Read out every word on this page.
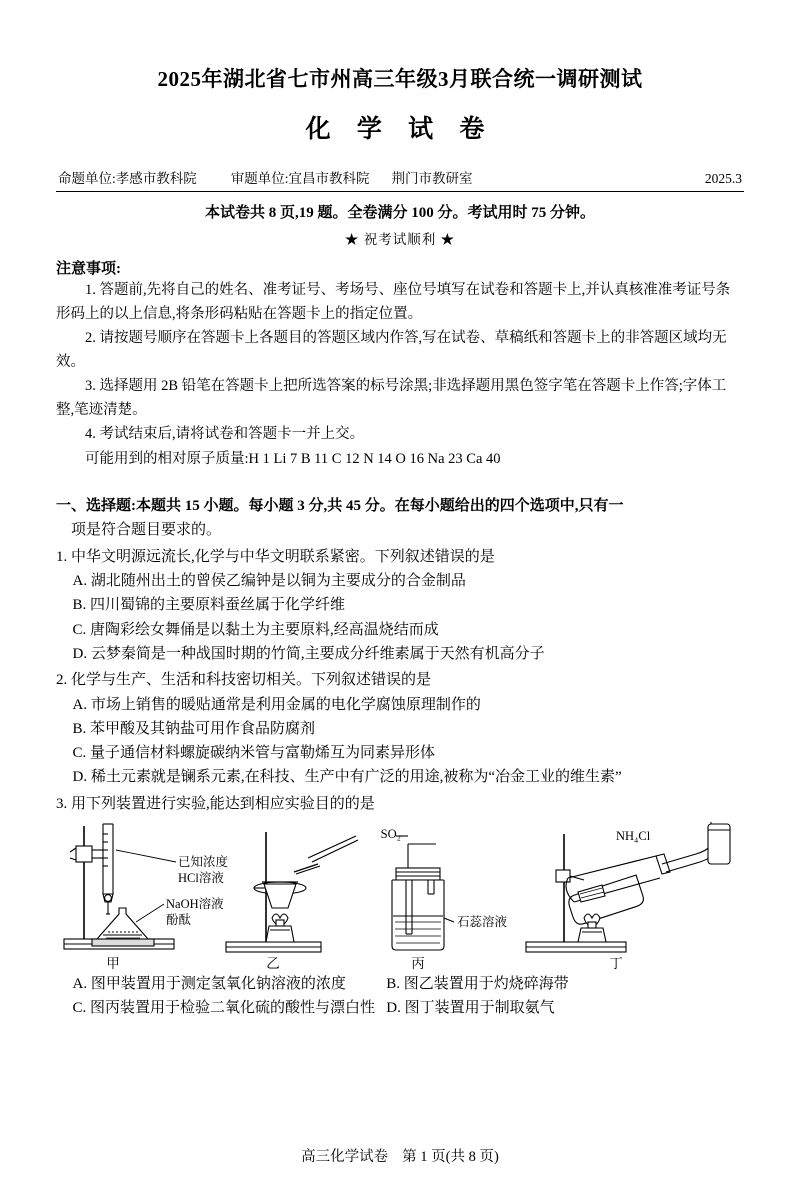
2025年湖北省七市州高三年级3月联合统一调研测试
化 学 试 卷
命题单位: 孝感市教科院	审题单位: 宜昌市教科院 荆门市教研室	2025.3
本试卷共 8 页,19 题。全卷满分 100 分。考试用时 75 分钟。
★ 祝考试顺利 ★
注意事项:
1. 答题前,先将自己的姓名、准考证号、考场号、座位号填写在试卷和答题卡上,并认真核准准考证号条形码上的以上信息,将条形码粘贴在答题卡上的指定位置。
2. 请按题号顺序在答题卡上各题目的答题区域内作答,写在试卷、草稿纸和答题卡上的非答题区域均无效。
3. 选择题用 2B 铅笔在答题卡上把所选答案的标号涂黑;非选择题用黑色签字笔在答题卡上作答;字体工整,笔迹清楚。
4. 考试结束后,请将试卷和答题卡一并上交。
可能用到的相对原子质量:H 1 Li 7 B 11 C 12 N 14 O 16 Na 23 Ca 40
一、选择题:本题共 15 小题。每小题 3 分,共 45 分。在每小题给出的四个选项中,只有一
项是符合题目要求的。
1. 中华文明源远流长,化学与中华文明联系紧密。下列叙述错误的是
A. 湖北随州出土的曾侯乙编钟是以铜为主要成分的合金制品
B. 四川蜀锦的主要原料蚕丝属于化学纤维
C. 唐陶彩绘女舞俑是以黏土为主要原料,经高温烧结而成
D. 云梦秦简是一种战国时期的竹简,主要成分纤维素属于天然有机高分子
2. 化学与生产、生活和科技密切相关。下列叙述错误的是
A. 市场上销售的暖贴通常是利用金属的电化学腐蚀原理制作的
B. 苯甲酸及其钠盐可用作食品防腐剂
C. 量子通信材料螺旋碳纳米管与富勒烯互为同素异形体
D. 稀土元素就是镧系元素,在科技、生产中有广泛的用途,被称为“冶金工业的维生素”
3. 用下列装置进行实验,能达到相应实验目的的是
已知浓度
HCl溶液
NaOH溶液
酚酞
甲	乙
SO₂
石蕊溶液
丙
NH₄Cl
丁
A. 图甲装置用于测定氢氧化钠溶液的浓度	B. 图乙装置用于灼烧碎海带
C. 图丙装置用于检验二氧化硫的酸性与漂白性 D. 图丁装置用于制取氨气
高三化学试卷 第 1 页(共 8 页)
